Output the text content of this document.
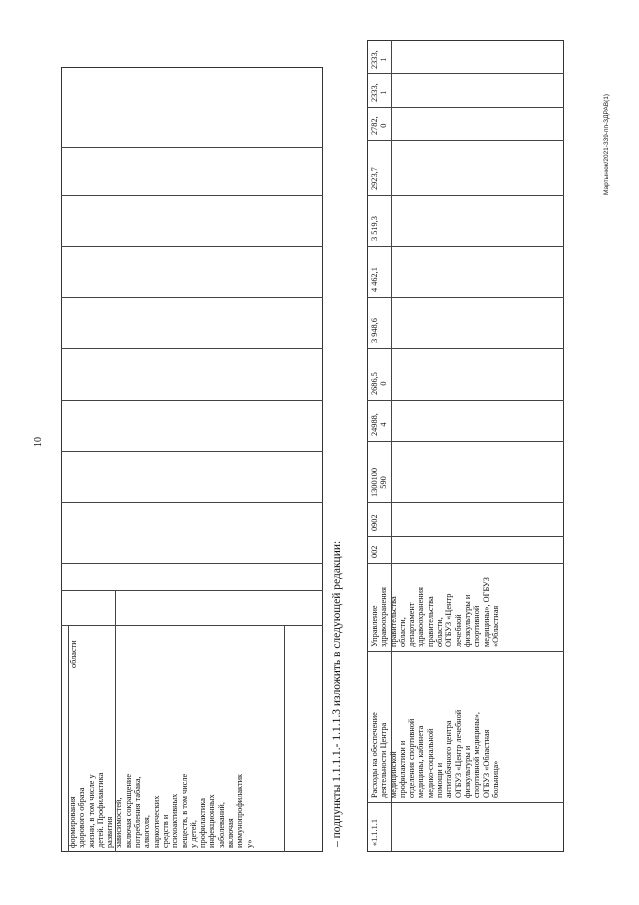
10
Мартынюк/2021-339-пп-ЗДРАВ(1)
формирования здорового образа жизни, в том числе у детей. Профилактика развития зависимостей, включая сокращение потребления табака, алкоголя, наркотических средств и психоактивных веществ, в том числе у детей, профилактика инфекционных заболеваний, включая иммунопрофилактик у»
области	– подпункты 1.1.1.1.- 1.1.1.3 изложить в следующей редакции:	«1.1.1.1
Расходы на обеспечение деятельности Центра медицинской профилактики и отделения спортивной медицины, кабинета медико-социальной помощи и антитабачного центра ОГБУЗ «Центр лечебной физкультуры и спортивной медицины», ОГБУЗ «Областная больница»
Управление здравоохранения правительства области, департамент здравоохранения правительства области, ОГБУЗ «Центр лечебной физкультуры и спортивной медицины», ОГБУЗ «Областная
002
0902
1300100 590
24988, 4
2686,5 0
3 948,6
4 462,1
3 519,3
2923,7
2782, 0
2333, 1
2333, 1
